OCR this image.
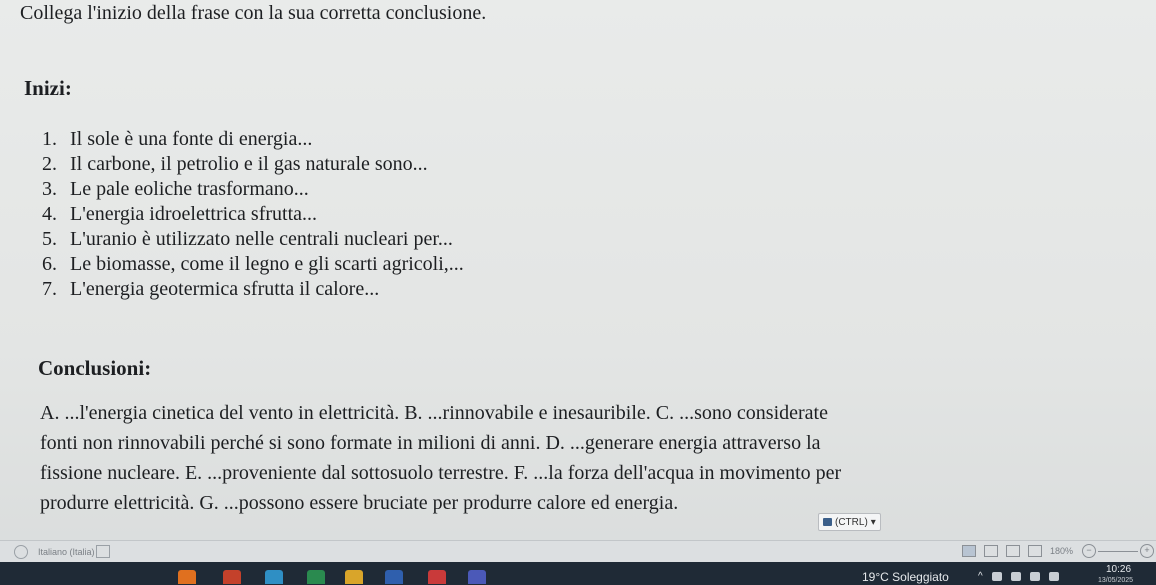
Collega l'inizio della frase con la sua corretta conclusione.
Inizi:
1. Il sole è una fonte di energia...
2. Il carbone, il petrolio e il gas naturale sono...
3. Le pale eoliche trasformano...
4. L'energia idroelettrica sfrutta...
5. L'uranio è utilizzato nelle centrali nucleari per...
6. Le biomasse, come il legno e gli scarti agricoli,...
7. L'energia geotermica sfrutta il calore...
Conclusioni:
A. ...l'energia cinetica del vento in elettricità. B. ...rinnovabile e inesauribile. C. ...sono considerate
fonti non rinnovabili perché si sono formate in milioni di anni. D. ...generare energia attraverso la
fissione nucleare. E. ...proveniente dal sottosuolo terrestre. F. ...la forza dell'acqua in movimento per
produrre elettricità. G. ...possono essere bruciate per produrre calore ed energia.
(CTRL) ▾
Italiano (Italia)	180%	−	+
19°C Soleggiato	^
10:26
13/05/2025
